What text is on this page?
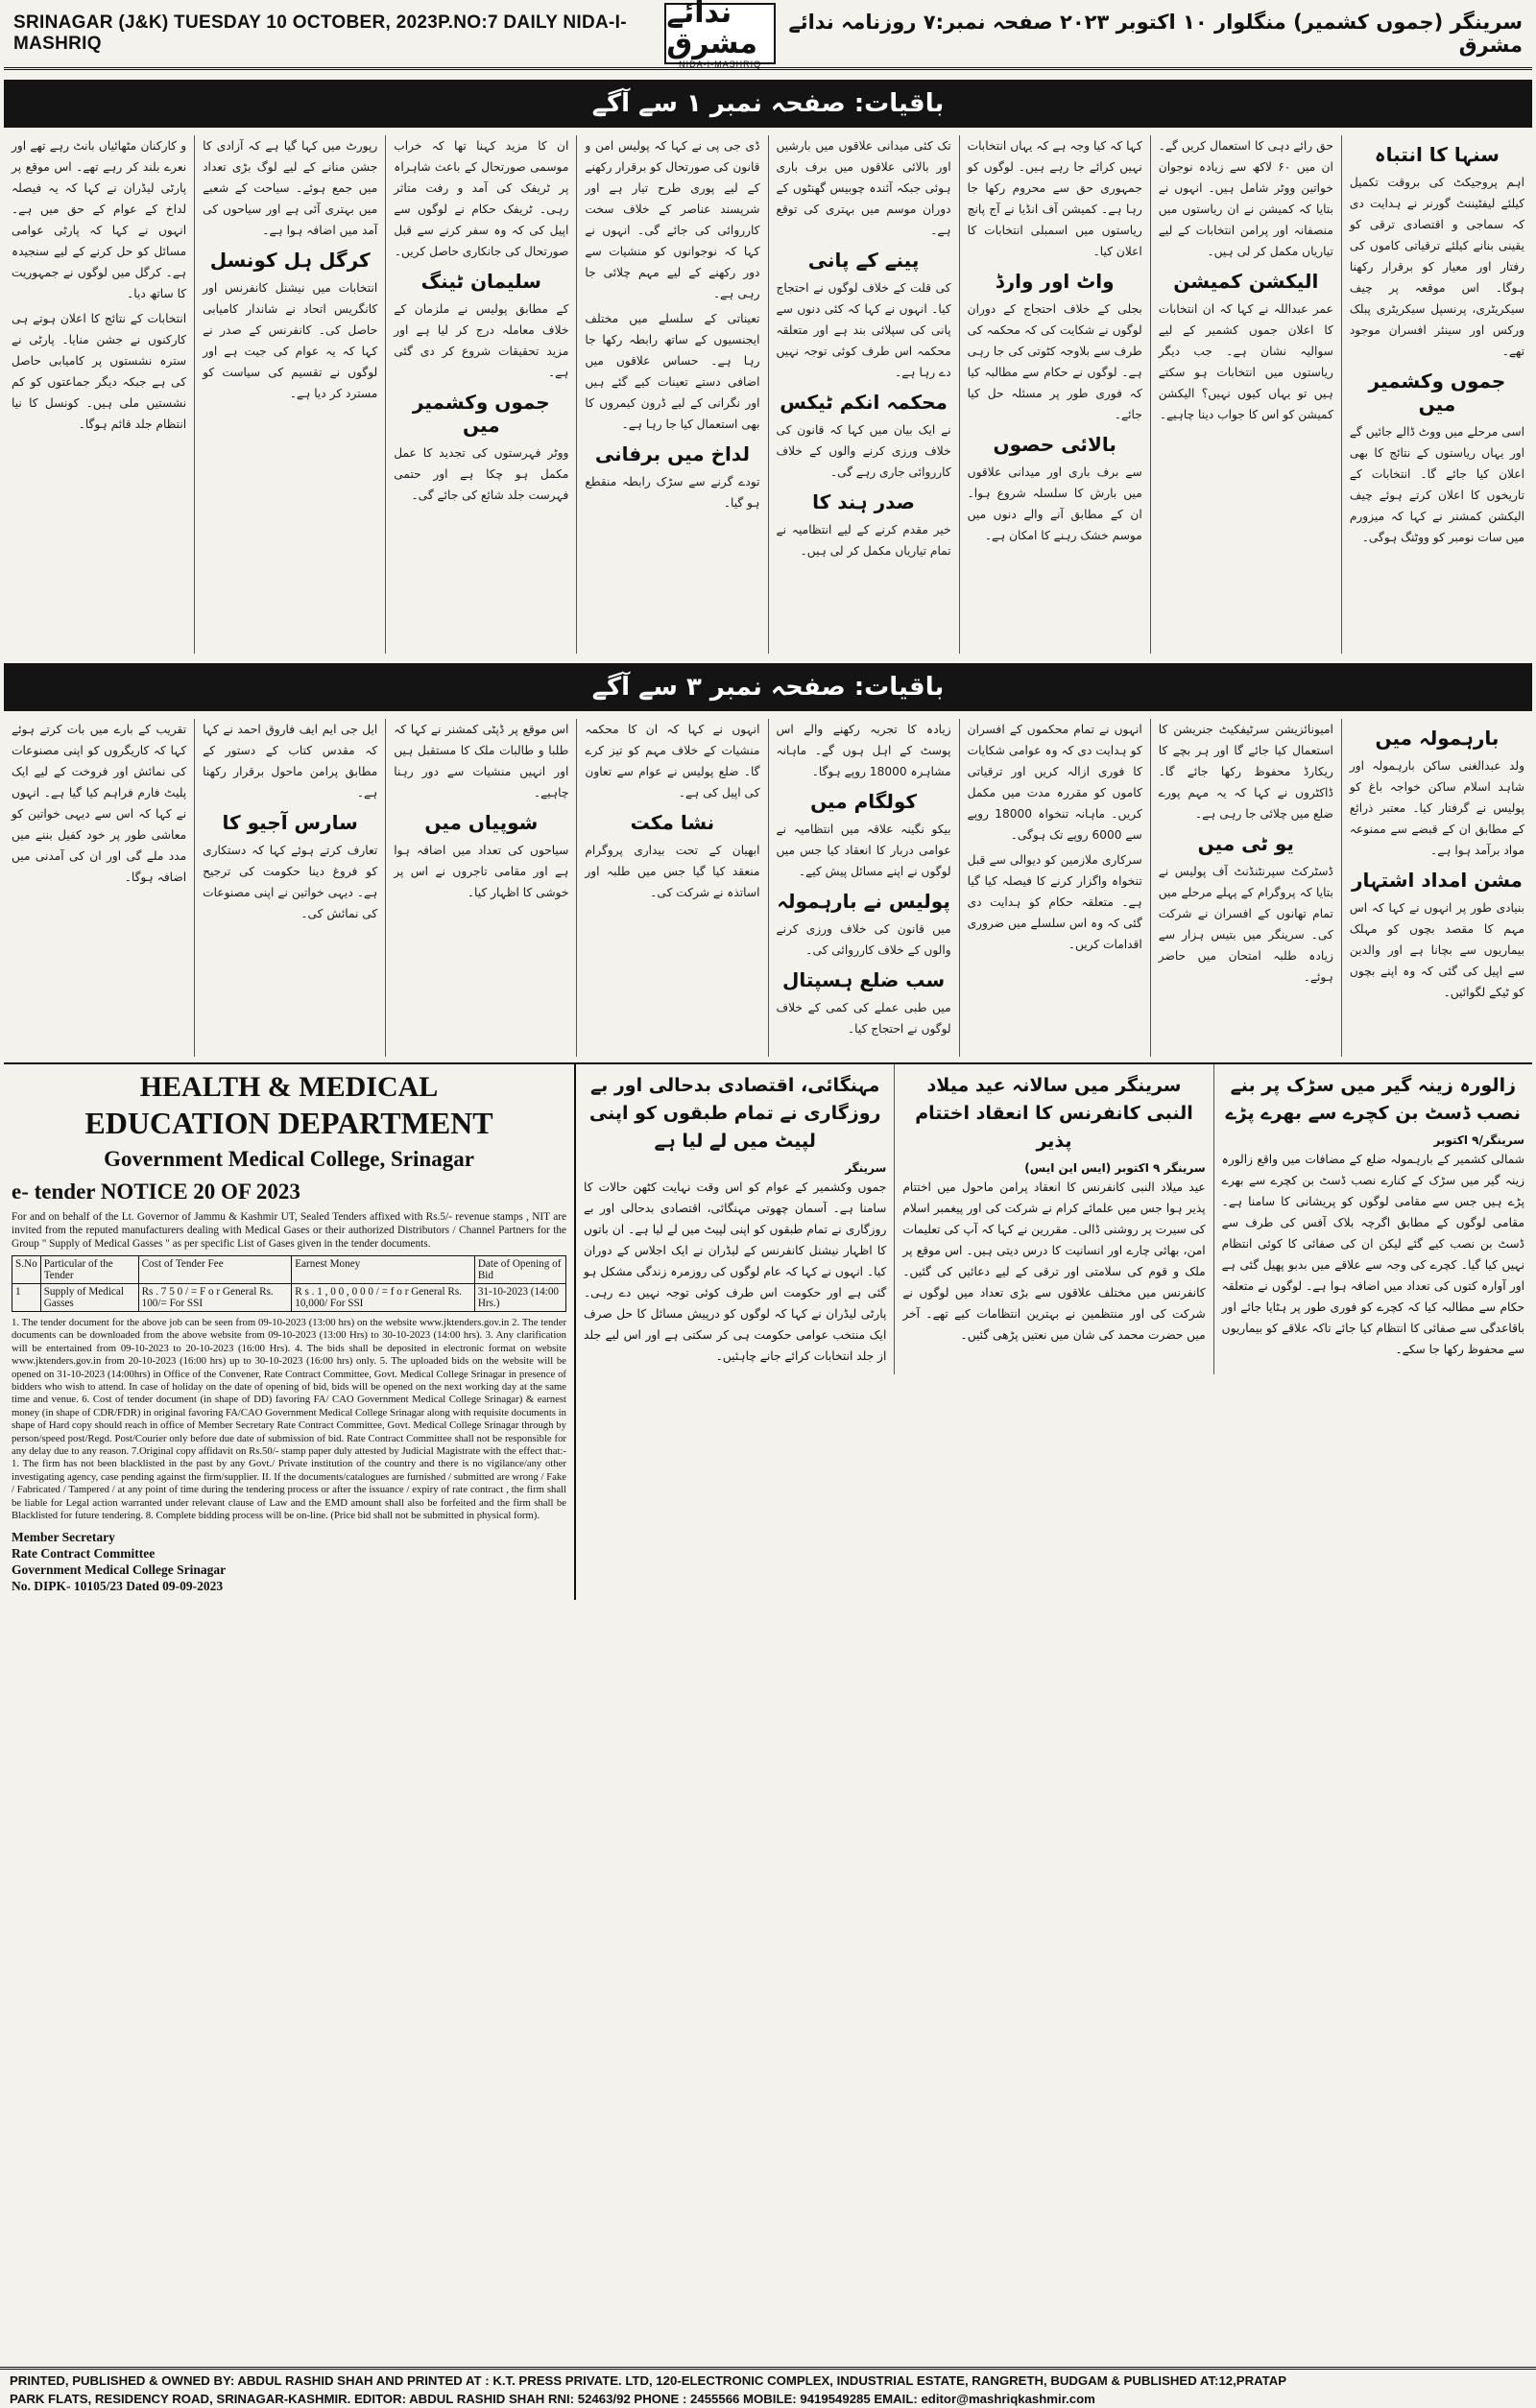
SRINAGAR (J&K) TUESDAY 10 OCTOBER, 2023P.NO:7 DAILY NIDA-I-MASHRIQ
ندائے مشرق
NIDA-I-MASHRIQ
سرینگر (جموں کشمیر) منگلوار ۱۰ اکتوبر ۲۰۲۳ صفحہ نمبر:۷ روزنامہ ندائے مشرق
باقیات: صفحہ نمبر ۱ سے آگے
سنہا کا انتباہ

اہم پروجیکٹ کی بروقت تکمیل کیلئے لیفٹیننٹ گورنر نے ہدایت دی کہ سماجی و اقتصادی ترقی کو یقینی بنانے کیلئے ترقیاتی کاموں کی رفتار اور معیار کو برقرار رکھنا ہوگا۔ اس موقعہ پر چیف سیکریٹری، پرنسپل سیکریٹری پبلک ورکس اور سینئر افسران موجود تھے۔

جموں وکشمیر میں

اسی مرحلے میں ووٹ ڈالے جائیں گے اور یہاں ریاستوں کے نتائج کا بھی اعلان کیا جائے گا۔ انتخابات کے تاریخوں کا اعلان کرتے ہوئے چیف الیکشن کمشنر نے کہا کہ میزورم میں سات نومبر کو ووٹنگ ہوگی۔

حق رائے دہی کا استعمال کریں گے۔ ان میں ۶۰ لاکھ سے زیادہ نوجوان خواتین ووٹر شامل ہیں۔ انہوں نے بتایا کہ کمیشن نے ان ریاستوں میں منصفانہ اور پرامن انتخابات کے لیے تیاریاں مکمل کر لی ہیں۔

الیکشن کمیشن

عمر عبداللہ نے کہا کہ ان انتخابات کا اعلان جموں کشمیر کے لیے سوالیہ نشان ہے۔ جب دیگر ریاستوں میں انتخابات ہو سکتے ہیں تو یہاں کیوں نہیں؟ الیکشن کمیشن کو اس کا جواب دینا چاہیے۔

کہا کہ کیا وجہ ہے کہ یہاں انتخابات نہیں کرائے جا رہے ہیں۔ لوگوں کو جمہوری حق سے محروم رکھا جا رہا ہے۔ کمیشن آف انڈیا نے آج پانچ ریاستوں میں اسمبلی انتخابات کا اعلان کیا۔

واٹ اور وارڈ

بجلی کے خلاف احتجاج کے دوران لوگوں نے شکایت کی کہ محکمہ کی طرف سے بلاوجہ کٹوتی کی جا رہی ہے۔ لوگوں نے حکام سے مطالبہ کیا کہ فوری طور پر مسئلہ حل کیا جائے۔

بالائی حصوں

سے برف باری اور میدانی علاقوں میں بارش کا سلسلہ شروع ہوا۔ ان کے مطابق آنے والے دنوں میں موسم خشک رہنے کا امکان ہے۔

تک کئی میدانی علاقوں میں بارشیں اور بالائی علاقوں میں برف باری ہوئی جبکہ آئندہ چوبیس گھنٹوں کے دوران موسم میں بہتری کی توقع ہے۔

پینے کے پانی

کی قلت کے خلاف لوگوں نے احتجاج کیا۔ انہوں نے کہا کہ کئی دنوں سے پانی کی سپلائی بند ہے اور متعلقہ محکمہ اس طرف کوئی توجہ نہیں دے رہا ہے۔

محکمہ انکم ٹیکس

نے ایک بیان میں کہا کہ قانون کی خلاف ورزی کرنے والوں کے خلاف کارروائی جاری رہے گی۔

صدر ہند کا

خیر مقدم کرنے کے لیے انتظامیہ نے تمام تیاریاں مکمل کر لی ہیں۔

ڈی جی پی نے کہا کہ پولیس امن و قانون کی صورتحال کو برقرار رکھنے کے لیے پوری طرح تیار ہے اور شرپسند عناصر کے خلاف سخت کارروائی کی جائے گی۔ انہوں نے کہا کہ نوجوانوں کو منشیات سے دور رکھنے کے لیے مہم چلائی جا رہی ہے۔

تعیناتی کے سلسلے میں مختلف ایجنسیوں کے ساتھ رابطہ رکھا جا رہا ہے۔ حساس علاقوں میں اضافی دستے تعینات کیے گئے ہیں اور نگرانی کے لیے ڈرون کیمروں کا بھی استعمال کیا جا رہا ہے۔

لداخ میں برفانی

تودے گرنے سے سڑک رابطہ منقطع ہو گیا۔

ان کا مزید کہنا تھا کہ خراب موسمی صورتحال کے باعث شاہراہ پر ٹریفک کی آمد و رفت متاثر رہی۔ ٹریفک حکام نے لوگوں سے اپیل کی کہ وہ سفر کرنے سے قبل صورتحال کی جانکاری حاصل کریں۔

سلیمان ٹینگ

کے مطابق پولیس نے ملزمان کے خلاف معاملہ درج کر لیا ہے اور مزید تحقیقات شروع کر دی گئی ہے۔

جموں وکشمیر میں

ووٹر فہرستوں کی تجدید کا عمل مکمل ہو چکا ہے اور حتمی فہرست جلد شائع کی جائے گی۔

رپورٹ میں کہا گیا ہے کہ آزادی کا جشن منانے کے لیے لوگ بڑی تعداد میں جمع ہوئے۔ سیاحت کے شعبے میں بہتری آئی ہے اور سیاحوں کی آمد میں اضافہ ہوا ہے۔

کرگل ہل کونسل

انتخابات میں نیشنل کانفرنس اور کانگریس اتحاد نے شاندار کامیابی حاصل کی۔ کانفرنس کے صدر نے کہا کہ یہ عوام کی جیت ہے اور لوگوں نے تقسیم کی سیاست کو مسترد کر دیا ہے۔

و کارکنان مٹھائیاں بانٹ رہے تھے اور نعرے بلند کر رہے تھے۔ اس موقع پر پارٹی لیڈران نے کہا کہ یہ فیصلہ لداخ کے عوام کے حق میں ہے۔ انہوں نے کہا کہ پارٹی عوامی مسائل کو حل کرنے کے لیے سنجیدہ ہے۔ کرگل میں لوگوں نے جمہوریت کا ساتھ دیا۔

انتخابات کے نتائج کا اعلان ہوتے ہی کارکنوں نے جشن منایا۔ پارٹی نے سترہ نشستوں پر کامیابی حاصل کی ہے جبکہ دیگر جماعتوں کو کم نشستیں ملی ہیں۔ کونسل کا نیا انتظام جلد قائم ہوگا۔

باقیات: صفحہ نمبر ۳ سے آگے
بارہمولہ میں

ولد عبدالغنی ساکن بارہمولہ اور شاہد اسلام ساکن خواجہ باغ کو پولیس نے گرفتار کیا۔ معتبر ذرائع کے مطابق ان کے قبضے سے ممنوعہ مواد برآمد ہوا ہے۔

مشن امداد اشتہار

بنیادی طور پر انہوں نے کہا کہ اس مہم کا مقصد بچوں کو مہلک بیماریوں سے بچانا ہے اور والدین سے اپیل کی گئی کہ وہ اپنے بچوں کو ٹیکے لگوائیں۔

امیونائزیشن سرٹیفکیٹ جنریشن کا استعمال کیا جائے گا اور ہر بچے کا ریکارڈ محفوظ رکھا جائے گا۔ ڈاکٹروں نے کہا کہ یہ مہم پورے ضلع میں چلائی جا رہی ہے۔

یو ٹی میں

ڈسٹرکٹ سپرنٹنڈنٹ آف پولیس نے بتایا کہ پروگرام کے پہلے مرحلے میں تمام تھانوں کے افسران نے شرکت کی۔ سرینگر میں بتیس ہزار سے زیادہ طلبہ امتحان میں حاضر ہوئے۔

انہوں نے تمام محکموں کے افسران کو ہدایت دی کہ وہ عوامی شکایات کا فوری ازالہ کریں اور ترقیاتی کاموں کو مقررہ مدت میں مکمل کریں۔ ماہانہ تنخواہ 18000 روپے سے 6000 روپے تک ہوگی۔

سرکاری ملازمین کو دیوالی سے قبل تنخواہ واگزار کرنے کا فیصلہ کیا گیا ہے۔ متعلقہ حکام کو ہدایت دی گئی کہ وہ اس سلسلے میں ضروری اقدامات کریں۔

زیادہ کا تجربہ رکھنے والے اس پوسٹ کے اہل ہوں گے۔ ماہانہ مشاہرہ 18000 روپے ہوگا۔

کولگام میں

بیکو نگینہ علاقہ میں انتظامیہ نے عوامی دربار کا انعقاد کیا جس میں لوگوں نے اپنے مسائل پیش کیے۔

پولیس نے بارہمولہ

میں قانون کی خلاف ورزی کرنے والوں کے خلاف کارروائی کی۔

سب ضلع ہسپتال

میں طبی عملے کی کمی کے خلاف لوگوں نے احتجاج کیا۔

انہوں نے کہا کہ ان کا محکمہ منشیات کے خلاف مہم کو تیز کرے گا۔ ضلع پولیس نے عوام سے تعاون کی اپیل کی ہے۔

نشا مکت

ابھیان کے تحت بیداری پروگرام منعقد کیا گیا جس میں طلبہ اور اساتذہ نے شرکت کی۔

اس موقع پر ڈپٹی کمشنر نے کہا کہ طلبا و طالبات ملک کا مستقبل ہیں اور انہیں منشیات سے دور رہنا چاہیے۔

شوپیاں میں

سیاحوں کی تعداد میں اضافہ ہوا ہے اور مقامی تاجروں نے اس پر خوشی کا اظہار کیا۔

ایل جی ایم ایف فاروق احمد نے کہا کہ مقدس کتاب کے دستور کے مطابق پرامن ماحول برقرار رکھنا ہے۔

سارس آجیو کا

تعارف کرتے ہوئے کہا کہ دستکاری کو فروغ دینا حکومت کی ترجیح ہے۔ دیہی خواتین نے اپنی مصنوعات کی نمائش کی۔

تقریب کے بارے میں بات کرتے ہوئے کہا کہ کاریگروں کو اپنی مصنوعات کی نمائش اور فروخت کے لیے ایک پلیٹ فارم فراہم کیا گیا ہے۔ انہوں نے کہا کہ اس سے دیہی خواتین کو معاشی طور پر خود کفیل بننے میں مدد ملے گی اور ان کی آمدنی میں اضافہ ہوگا۔

HEALTH & MEDICAL
EDUCATION DEPARTMENT
Government Medical College, Srinagar
e- tender NOTICE 20 OF 2023
For and on behalf of the Lt. Governor of Jammu & Kashmir UT, Sealed Tenders affixed with Rs.5/- revenue stamps , NIT are invited from the reputed manufacturers dealing with Medical Gases or their authorized Distributors / Channel Partners for the Group " Supply of Medical Gasses " as per specific List of Gases given in the tender documents.
S.No	Particular of the Tender	Cost of Tender Fee	Earnest Money	Date of Opening of Bid
1	Supply of Medical Gasses	Rs . 7 5 0 / = F o r General Rs. 100/= For SSI	R s . 1 , 0 0 , 0 0 0 / = f o r General Rs. 10,000/ For SSI	31-10-2023 (14:00 Hrs.)
1. The tender document for the above job can be seen from 09-10-2023 (13:00 hrs) on the website www.jktenders.gov.in 2. The tender documents can be downloaded from the above website from 09-10-2023 (13:00 Hrs) to 30-10-2023 (14:00 hrs). 3. Any clarification will be entertained from 09-10-2023 to 20-10-2023 (16:00 Hrs). 4. The bids shall be deposited in electronic format on website www.jktenders.gov.in from 20-10-2023 (16:00 hrs) up to 30-10-2023 (16:00 hrs) only. 5. The uploaded bids on the website will be opened on 31-10-2023 (14:00hrs) in Office of the Convener, Rate Contract Committee, Govt. Medical College Srinagar in presence of bidders who wish to attend. In case of holiday on the date of opening of bid, bids will be opened on the next working day at the same time and venue. 6. Cost of tender document (in shape of DD) favoring FA/ CAO Government Medical College Srinagar) & earnest money (in shape of CDR/FDR) in original favoring FA/CAO Government Medical College Srinagar along with requisite documents in shape of Hard copy should reach in office of Member Secretary Rate Contract Committee, Govt. Medical College Srinagar through by person/speed post/Regd. Post/Courier only before due date of submission of bid. Rate Contract Committee shall not be responsible for any delay due to any reason. 7.Original copy affidavit on Rs.50/- stamp paper duly attested by Judicial Magistrate with the effect that:- 1. The firm has not been blacklisted in the past by any Govt./ Private institution of the country and there is no vigilance/any other investigating agency, case pending against the firm/supplier. II. If the documents/catalogues are furnished / submitted are wrong / Fake / Fabricated / Tampered / at any point of time during the tendering process or after the issuance / expiry of rate contract , the firm shall be liable for Legal action warranted under relevant clause of Law and the EMD amount shall also be forfeited and the firm shall be Blacklisted for future tendering. 8. Complete bidding process will be on-line. (Price bid shall not be submitted in physical form).
Member Secretary
Rate Contract Committee
Government Medical College Srinagar
No. DIPK- 10105/23 Dated 09-09-2023
زالورہ زینہ گیر میں سڑک پر بنے نصب ڈسٹ بن کچرے سے بھرے پڑے
سرینگر/۹ اکتوبر

شمالی کشمیر کے بارہمولہ ضلع کے مضافات میں واقع زالورہ زینہ گیر میں سڑک کے کنارے نصب ڈسٹ بن کچرے سے بھرے پڑے ہیں جس سے مقامی لوگوں کو پریشانی کا سامنا ہے۔ مقامی لوگوں کے مطابق اگرچہ بلاک آفس کی طرف سے ڈسٹ بن نصب کیے گئے لیکن ان کی صفائی کا کوئی انتظام نہیں کیا گیا۔ کچرے کی وجہ سے علاقے میں بدبو پھیل گئی ہے اور آوارہ کتوں کی تعداد میں اضافہ ہوا ہے۔ لوگوں نے متعلقہ حکام سے مطالبہ کیا کہ کچرے کو فوری طور پر ہٹایا جائے اور باقاعدگی سے صفائی کا انتظام کیا جائے تاکہ علاقے کو بیماریوں سے محفوظ رکھا جا سکے۔

سرینگر میں سالانہ عید میلاد النبی کانفرنس کا انعقاد اختتام پذیر
سرینگر ۹ اکتوبر (ایس این ایس)

عید میلاد النبی کانفرنس کا انعقاد پرامن ماحول میں اختتام پذیر ہوا جس میں علمائے کرام نے شرکت کی اور پیغمبر اسلام کی سیرت پر روشنی ڈالی۔ مقررین نے کہا کہ آپ کی تعلیمات امن، بھائی چارے اور انسانیت کا درس دیتی ہیں۔ اس موقع پر ملک و قوم کی سلامتی اور ترقی کے لیے دعائیں کی گئیں۔ کانفرنس میں مختلف علاقوں سے بڑی تعداد میں لوگوں نے شرکت کی اور منتظمین نے بہترین انتظامات کیے تھے۔ آخر میں حضرت محمد کی شان میں نعتیں پڑھی گئیں۔

مہنگائی، اقتصادی بدحالی اور بے روزگاری نے تمام طبقوں کو اپنی لپیٹ میں لے لیا ہے
سرینگر

جموں وکشمیر کے عوام کو اس وقت نہایت کٹھن حالات کا سامنا ہے۔ آسمان چھوتی مہنگائی، اقتصادی بدحالی اور بے روزگاری نے تمام طبقوں کو اپنی لپیٹ میں لے لیا ہے۔ ان باتوں کا اظہار نیشنل کانفرنس کے لیڈران نے ایک اجلاس کے دوران کیا۔ انہوں نے کہا کہ عام لوگوں کی روزمرہ زندگی مشکل ہو گئی ہے اور حکومت اس طرف کوئی توجہ نہیں دے رہی۔ پارٹی لیڈران نے کہا کہ لوگوں کو درپیش مسائل کا حل صرف ایک منتخب عوامی حکومت ہی کر سکتی ہے اور اس لیے جلد از جلد انتخابات کرائے جانے چاہئیں۔

PRINTED, PUBLISHED & OWNED BY: ABDUL RASHID SHAH AND PRINTED AT : K.T. PRESS PRIVATE. LTD, 120-ELECTRONIC COMPLEX, INDUSTRIAL ESTATE, RANGRETH, BUDGAM & PUBLISHED AT:12,PRATAP
PARK FLATS, RESIDENCY ROAD, SRINAGAR-KASHMIR. EDITOR: ABDUL RASHID SHAH RNI: 52463/92 PHONE : 2455566 MOBILE: 9419549285 EMAIL: editor@mashriqkashmir.com
